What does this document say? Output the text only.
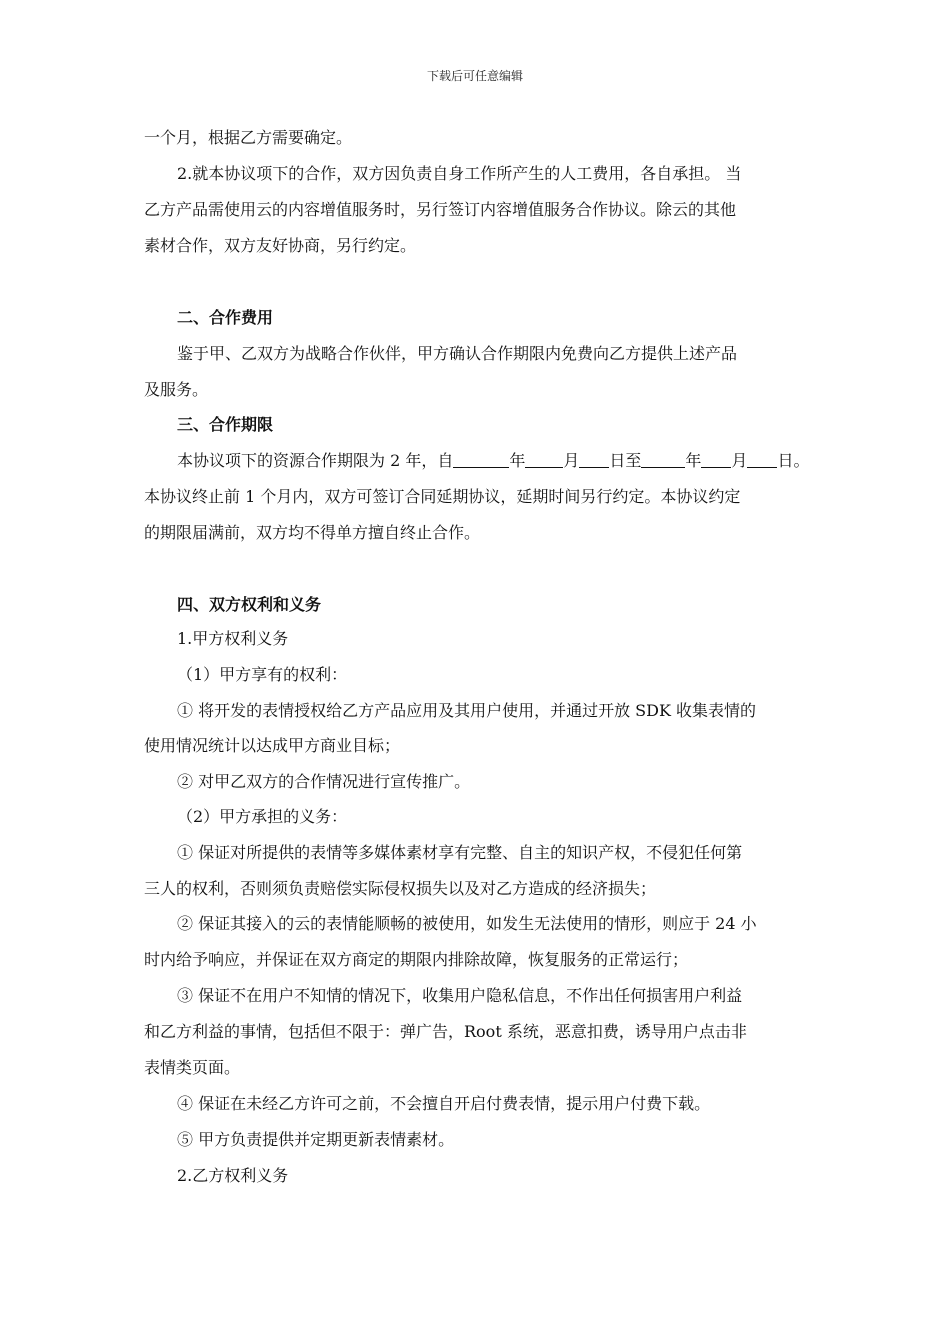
下载后可任意编辑

一个月，根据乙方需要确定。

2.就本协议项下的合作，双方因负责自身工作所产生的人工费用，各自承担。 当

乙方产品需使用云的内容增值服务时，另行签订内容增值服务合作协议。除云的其他

素材合作，双方友好协商，另行约定。

二、合作费用

鉴于甲、乙双方为战略合作伙伴，甲方确认合作期限内免费向乙方提供上述产品

及服务。

三、合作期限

本协议项下的资源合作期限为 2 年，自	年 月 日至	年 月 日。

本协议终止前 1 个月内，双方可签订合同延期协议，延期时间另行约定。本协议约定

的期限届满前，双方均不得单方擅自终止合作。

四、双方权利和义务

1.甲方权利义务

（1）甲方享有的权利：

① 将开发的表情授权给乙方产品应用及其用户使用，并通过开放 SDK 收集表情的

使用情况统计以达成甲方商业目标；

② 对甲乙双方的合作情况进行宣传推广。

（2）甲方承担的义务：

① 保证对所提供的表情等多媒体素材享有完整、自主的知识产权，不侵犯任何第

三人的权利，否则须负责赔偿实际侵权损失以及对乙方造成的经济损失；

② 保证其接入的云的表情能顺畅的被使用，如发生无法使用的情形，则应于 24 小

时内给予响应，并保证在双方商定的期限内排除故障，恢复服务的正常运行；

③ 保证不在用户不知情的情况下，收集用户隐私信息，不作出任何损害用户利益

和乙方利益的事情，包括但不限于：弹广告，Root 系统，恶意扣费，诱导用户点击非

表情类页面。

④ 保证在未经乙方许可之前，不会擅自开启付费表情，提示用户付费下载。

⑤ 甲方负责提供并定期更新表情素材。

2.乙方权利义务
